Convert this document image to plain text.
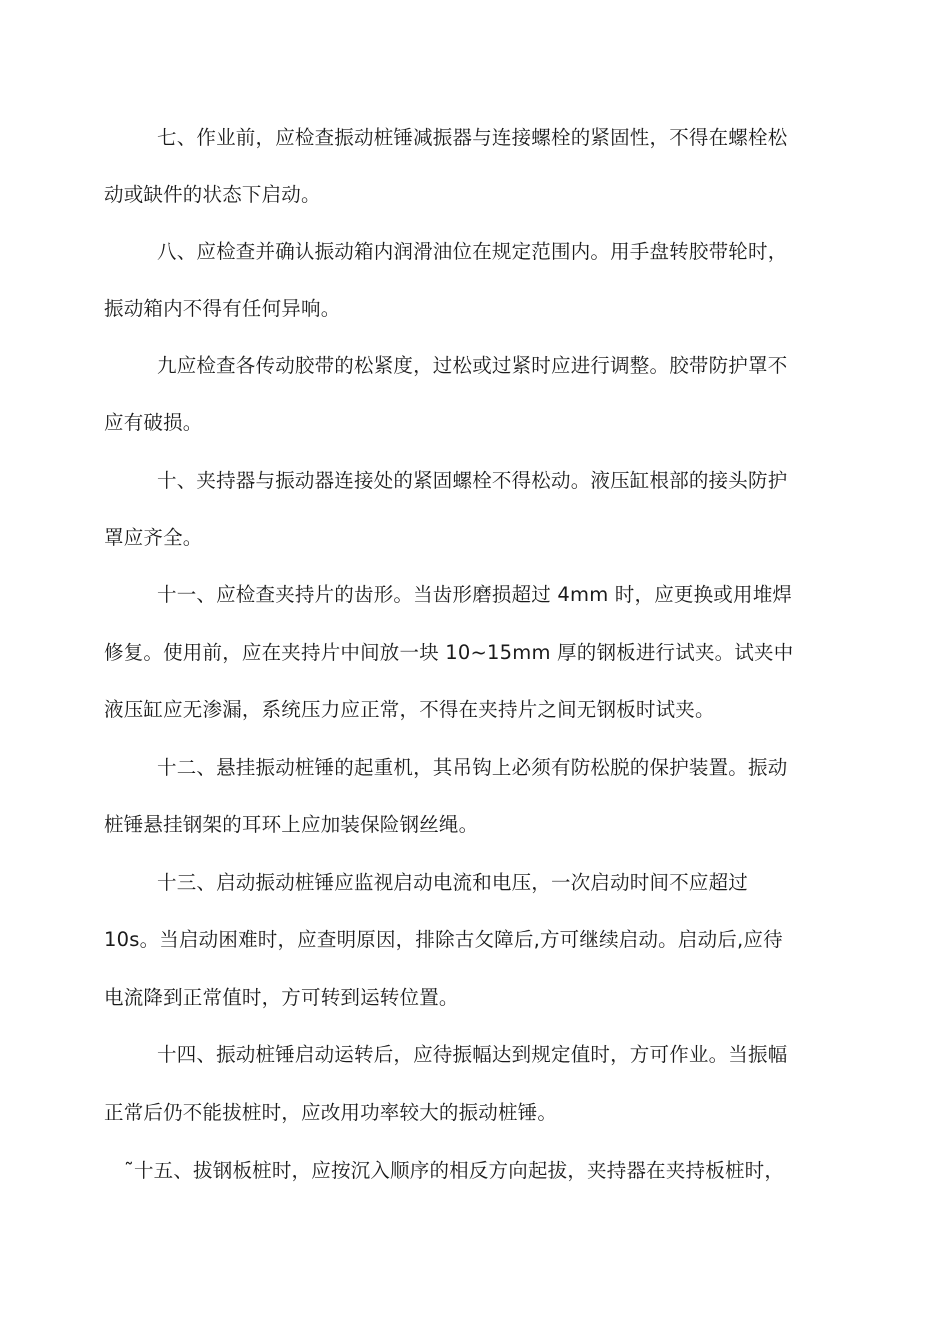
七、作业前，应检查振动桩锤减振器与连接螺栓的紧固性，不得在螺栓松
动或缺件的状态下启动。
八、应检查并确认振动箱内润滑油位在规定范围内。用手盘转胶带轮时，
振动箱内不得有任何异响。
九应检查各传动胶带的松紧度，过松或过紧时应进行调整。胶带防护罩不
应有破损。
十、夹持器与振动器连接处的紧固螺栓不得松动。液压缸根部的接头防护
罩应齐全。
十一、应检查夹持片的齿形。当齿形磨损超过 4mm 时，应更换或用堆焊
修复。使用前，应在夹持片中间放一块 10~15mm 厚的钢板进行试夹。试夹中
液压缸应无渗漏，系统压力应正常，不得在夹持片之间无钢板时试夹。
十二、悬挂振动桩锤的起重机，其吊钩上必须有防松脱的保护装置。振动
桩锤悬挂钢架的耳环上应加装保险钢丝绳。
十三、启动振动桩锤应监视启动电流和电压，一次启动时间不应超过
10s。当启动困难时，应查明原因，排除古攵障后,方可继续启动。启动后,应待
电流降到正常值时，方可转到运转位置。
十四、振动桩锤启动运转后，应待振幅达到规定值时，方可作业。当振幅
正常后仍不能拔桩时，应改用功率较大的振动桩锤。
˜十五、拔钢板桩时，应按沉入顺序的相反方向起拔，夹持器在夹持板桩时，
